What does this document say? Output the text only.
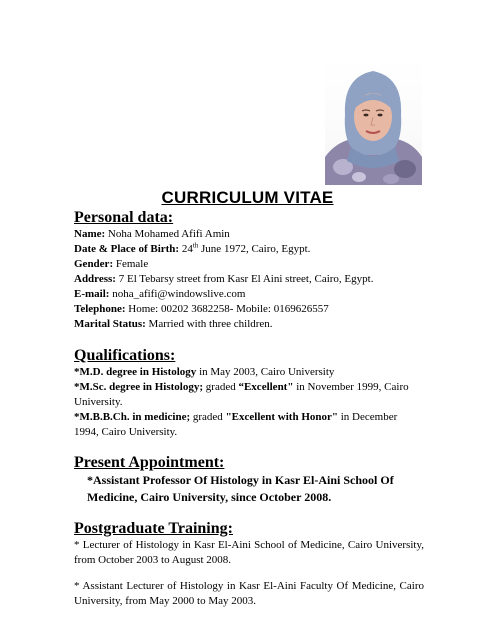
CURRICULUM VITAE
Personal data:
Name: Noha Mohamed Afifi Amin
Date & Place of Birth: 24th June 1972, Cairo, Egypt.
Gender: Female
Address: 7 El Tebarsy street from Kasr El Aini street, Cairo, Egypt.
E-mail: noha_afifi@windowslive.com
Telephone: Home: 00202 3682258- Mobile: 0169626557
Marital Status: Married with three children.
Qualifications:
*M.D. degree in Histology in May 2003, Cairo University
*M.Sc. degree in Histology; graded “Excellent" in November 1999, Cairo University.
*M.B.B.Ch. in medicine; graded "Excellent with Honor" in December 1994, Cairo University.
Present Appointment:
*Assistant Professor Of Histology in Kasr El-Aini School Of Medicine, Cairo University, since October 2008.
Postgraduate Training:
* Lecturer of Histology in Kasr El-Aini School of Medicine, Cairo University, from October 2003 to August 2008.
* Assistant Lecturer of Histology in Kasr El-Aini Faculty Of Medicine, Cairo University, from May 2000 to May 2003.
